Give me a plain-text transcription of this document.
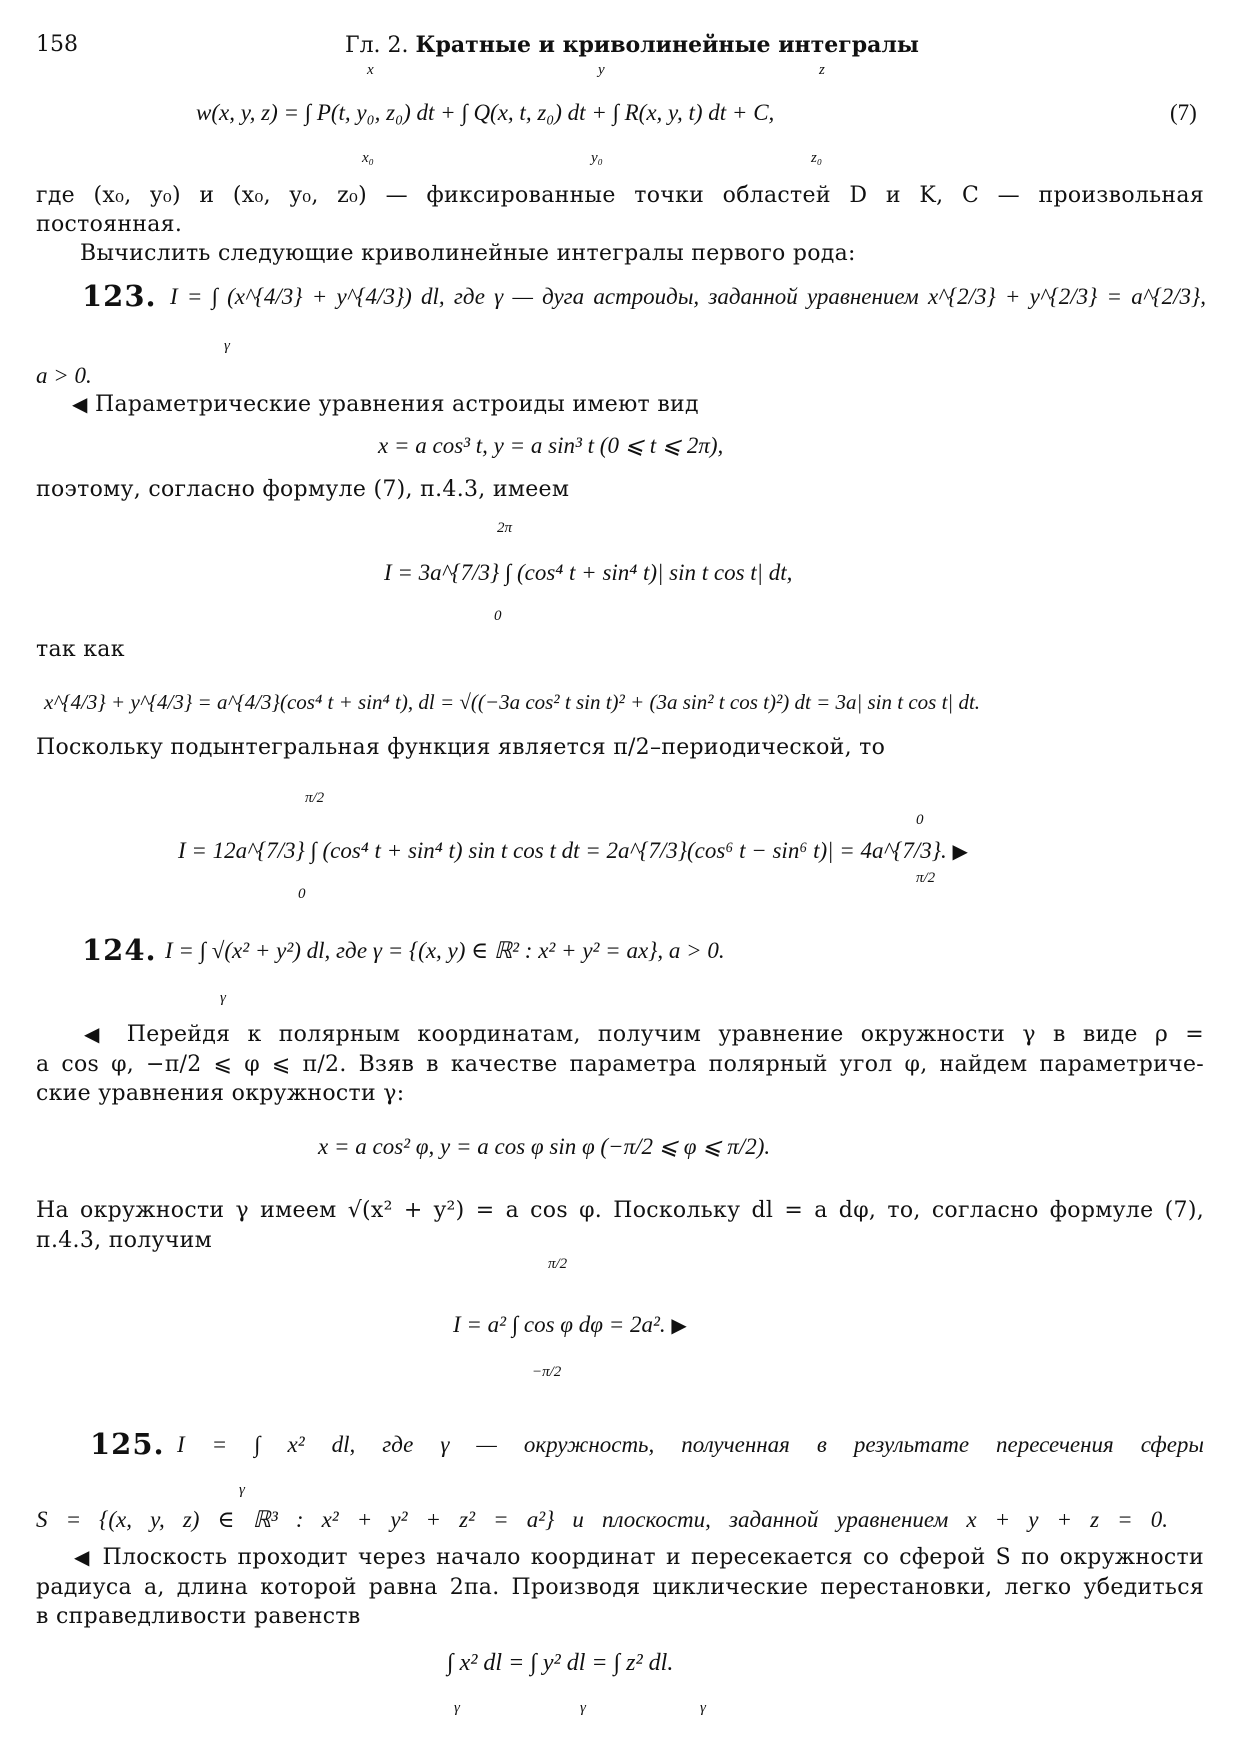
158	Гл. 2. Кратные и криволинейные интегралы
x
x₀
y
y₀
z
z₀
w(x, y, z) = ∫ P(t, y₀, z₀) dt + ∫ Q(x, t, z₀) dt + ∫ R(x, y, t) dt + C,	(7)
где (x₀, y₀) и (x₀, y₀, z₀) — фиксированные точки областей D и K, C — произвольная
постоянная.
Вычислить следующие криволинейные интегралы первого рода:
123. I = ∫ (x^{4/3} + y^{4/3}) dl, где γ — дуга астроиды, заданной уравнением x^{2/3} + y^{2/3} = a^{2/3},
γ
a > 0.
◀ Параметрические уравнения астроиды имеют вид
x = a cos³ t, y = a sin³ t (0 ⩽ t ⩽ 2π),
поэтому, согласно формуле (7), п.4.3, имеем
2π
0
I = 3a^{7/3} ∫ (cos⁴ t + sin⁴ t)| sin t cos t| dt,
так как
x^{4/3} + y^{4/3} = a^{4/3}(cos⁴ t + sin⁴ t), dl = √((−3a cos² t sin t)² + (3a sin² t cos t)²) dt = 3a| sin t cos t| dt.
Поскольку подынтегральная функция является π/2–периодической, то
π/2
0
0
π/2
I = 12a^{7/3} ∫ (cos⁴ t + sin⁴ t) sin t cos t dt = 2a^{7/3}(cos⁶ t − sin⁶ t)| = 4a^{7/3}. ▶
124. I = ∫ √(x² + y²) dl, где γ = {(x, y) ∈ ℝ² : x² + y² = ax}, a > 0.
γ
◀ Перейдя к полярным координатам, получим уравнение окружности γ в виде ρ =
a cos φ, −π/2 ⩽ φ ⩽ π/2. Взяв в качестве параметра полярный угол φ, найдем параметриче-
ские уравнения окружности γ:
x = a cos² φ, y = a cos φ sin φ (−π/2 ⩽ φ ⩽ π/2).
На окружности γ имеем √(x² + y²) = a cos φ. Поскольку dl = a dφ, то, согласно формуле (7),
п.4.3, получим
π/2
−π/2
I = a² ∫ cos φ dφ = 2a². ▶
125. I = ∫ x² dl, где γ — окружность, полученная в результате пересечения сферы
γ
S = {(x, y, z) ∈ ℝ³ : x² + y² + z² = a²} и плоскости, заданной уравнением x + y + z = 0.
◀ Плоскость проходит через начало координат и пересекается со сферой S по окружности
радиуса a, длина которой равна 2πa. Производя циклические перестановки, легко убедиться
в справедливости равенств
∫ x² dl = ∫ y² dl = ∫ z² dl.
γ	γ	γ
